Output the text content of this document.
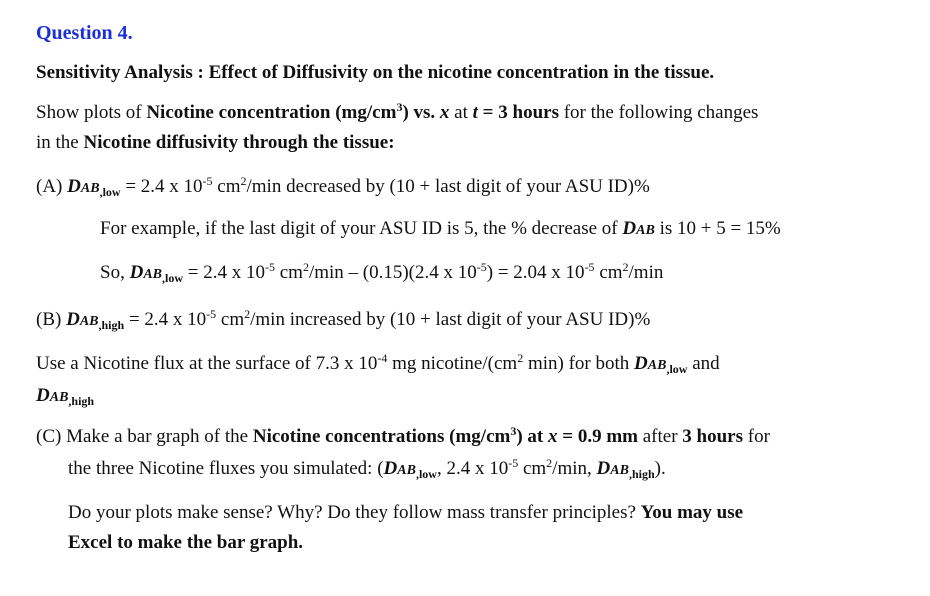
Question 4.
Sensitivity Analysis : Effect of Diffusivity on the nicotine concentration in the tissue.
Show plots of Nicotine concentration $(mg/cm^3)$ vs. x at t = 3 hours for the following changes
in the Nicotine diffusivity through the tissue:
(A) $DAB_{,low} = 2.4$ x $10^{-5}$ $cm^2/\min$ decreased by (10 + last digit of your ASU ID)%
For example, if the last digit of your ASU ID is 5, the % decrease of DAB is 10 + 5 = 15%
So, $DAB_{,low} = 2.4$ x $10^{-5}$ $cm^2/\min - (0.15)(2.4$ x $10^{-5}) = 2.04$ x $10^{-5}$ $cm^2/\min$
(B) $DAB_{,high} = 2.4$ x $10^{-5}$ $cm^2/\min$ increased by (10 + last digit of your ASU ID)%
Use a Nicotine flux at the surface of 7.3 x $10^{-4}$ mg nicotine/($cm^2$ min) for both $DAB_{,low}$ and
$DAB_{,high}$
(C) Make a bar graph of the Nicotine concentrations $(mg/cm^3)$ at x = 0.9 mm after 3 hours for
the three Nicotine fluxes you simulated: ($DAB_{,low}$, 2.4 x $10^{-5}$ $cm^2/\min$, $DAB_{,high}$).
Do your plots make sense? Why? Do they follow mass transfer principles? You may use
Excel to make the bar graph.
